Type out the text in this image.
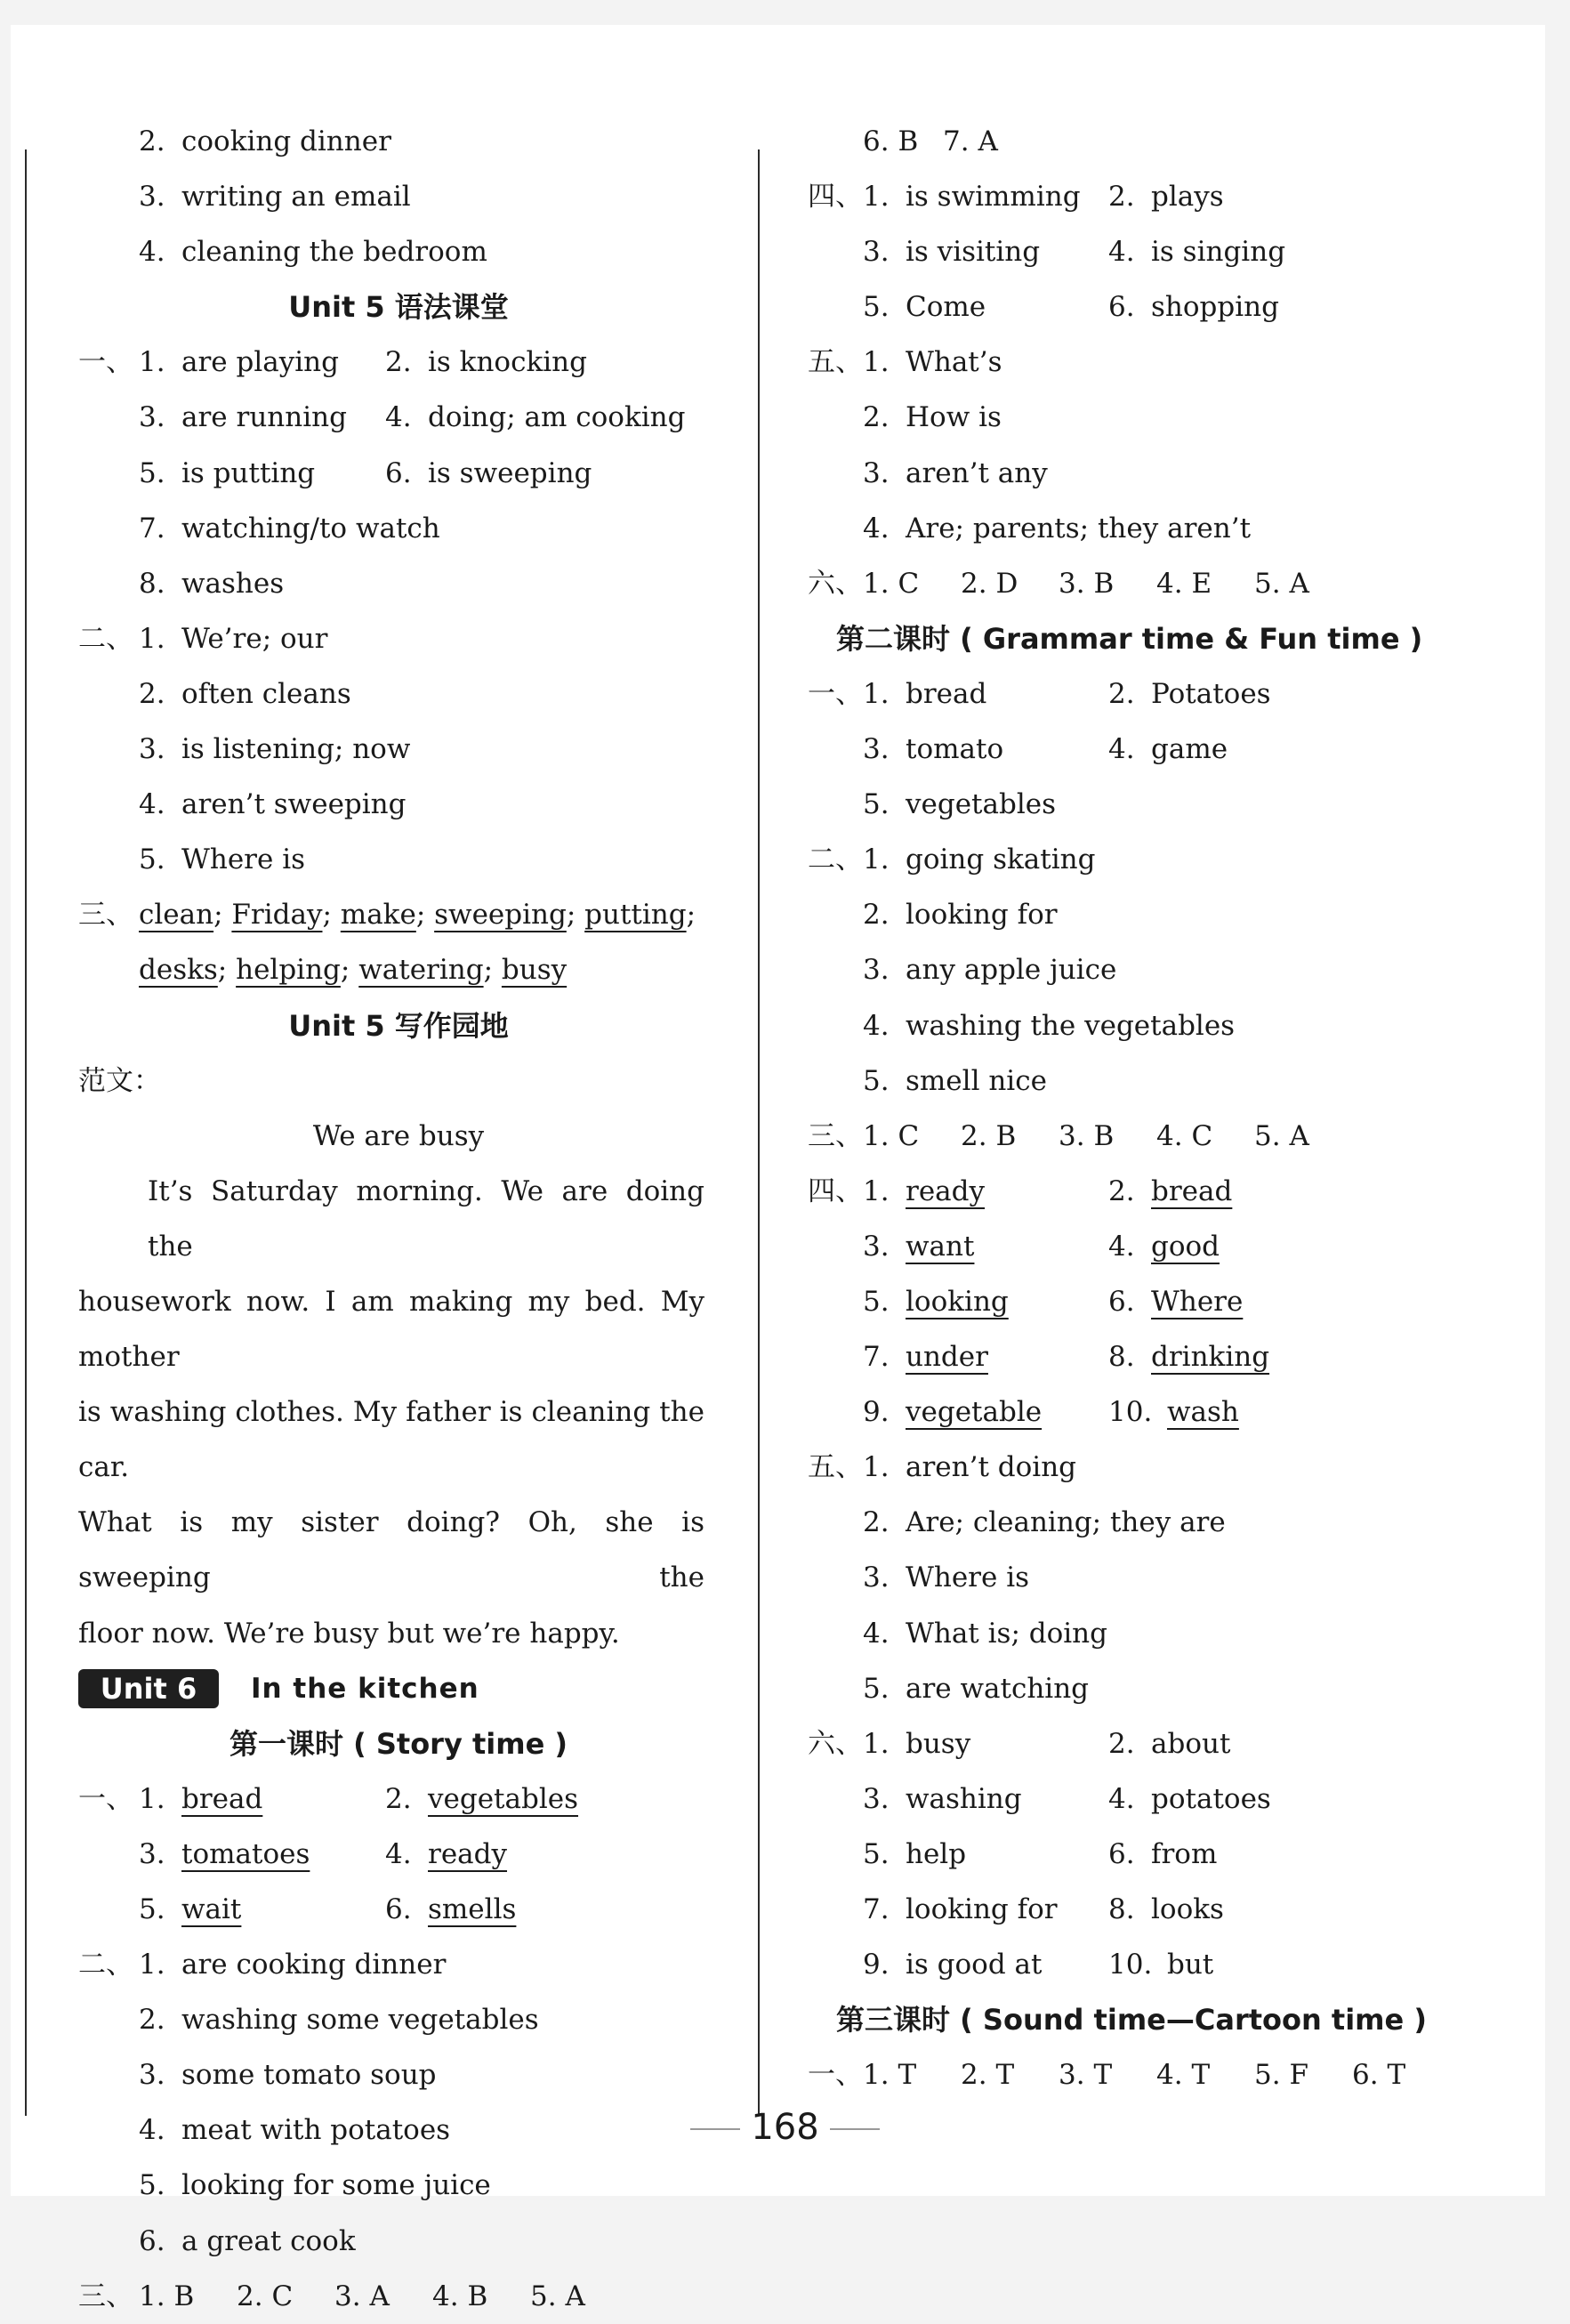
2. cooking dinner
3. writing an email
4. cleaning the bedroom
Unit 5 语法课堂
一、 1. are playing 2. is knocking
3. are running 4. doing; am cooking
5. is putting	6. is sweeping
7. watching/to watch
8. washes
二、 1. We’re; our
2. often cleans
3. is listening; now
4. aren’t sweeping
5. Where is
三、 clean; Friday; make; sweeping; putting;
desks; helping; watering; busy
Unit 5 写作园地
范文：
We are busy
It’s Saturday morning. We are doing the
housework now. I am making my bed. My mother
is washing clothes. My father is cleaning the car.
What is my sister doing? Oh, she is sweeping the
floor now. We’re busy but we’re happy.
Unit 6	In the kitchen
第一课时 ( Story time )
一、 1. bread	2. vegetables
3. tomatoes	4. ready
5. wait	6. smells
二、 1. are cooking dinner
2. washing some vegetables
3. some tomato soup
4. meat with potatoes
5. looking for some juice
6. a great cook
三、 1. B 2. C 3. A 4. B 5. A
6. B 7. A
四、 1. is swimming 2. plays
3. is visiting 4. is singing
5. Come	6. shopping
五、 1. What’s
2. How is
3. aren’t any
4. Are; parents; they aren’t
六、 1. C 2. D 3. B 4. E 5. A
第二课时 ( Grammar time & Fun time )
一、 1. bread	2. Potatoes
3. tomato	4. game
5. vegetables
二、 1. going skating
2. looking for
3. any apple juice
4. washing the vegetables
5. smell nice
三、 1. C 2. B 3. B 4. C 5. A
四、 1. ready	2. bread
3. want	4. good
5. looking	6. Where
7. under	8. drinking
9. vegetable 10. wash
五、 1. aren’t doing
2. Are; cleaning; they are
3. Where is
4. What is; doing
5. are watching
六、 1. busy	2. about
3. washing	4. potatoes
5. help	6. from
7. looking for 8. looks
9. is good at 10. but
第三课时 ( Sound time—Cartoon time )
一、 1. T 2. T 3. T 4. T 5. F 6. T
168
